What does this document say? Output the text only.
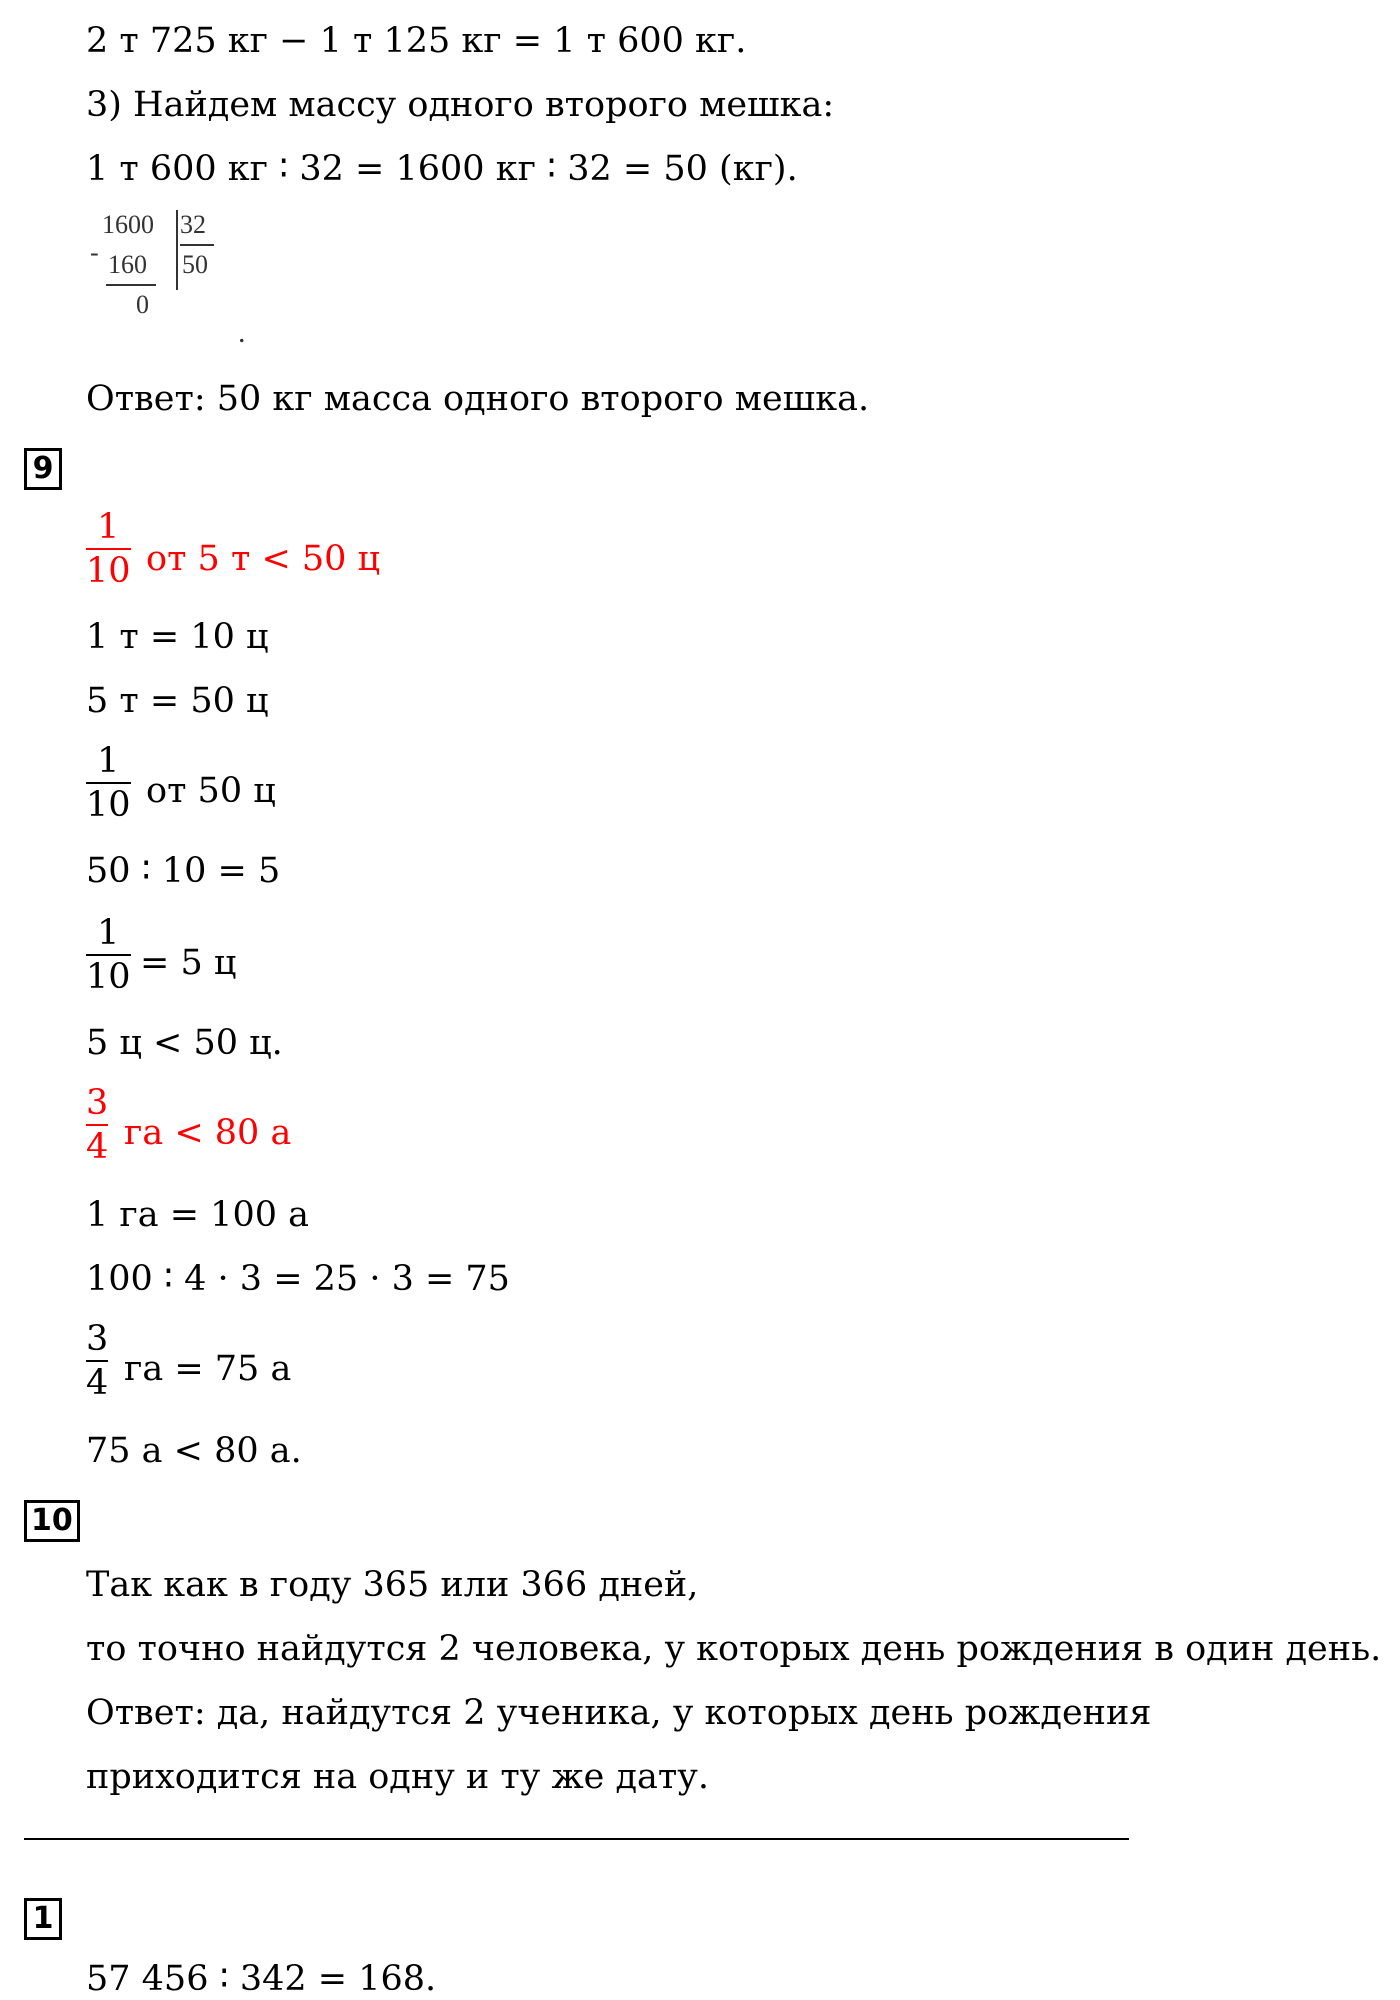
2 т 725 кг − 1 т 125 кг = 1 т 600 кг.
3) Найдем массу одного второго мешка:
1 т 600 кг ∶ 32 = 1600 кг ∶ 32 = 50 (кг).
-
1600 32
50
160
0
.
Ответ: 50 кг масса одного второго мешка.
9
1
10 от 5 т < 50 ц
1 т = 10 ц
5 т = 50 ц
1
10 от 50 ц
50 ∶ 10 = 5
1
10 = 5 ц
5 ц < 50 ц.
3
4 га < 80 а
1 га = 100 а
100 ∶ 4 · 3 = 25 · 3 = 75
3
4 га = 75 а
75 а < 80 а.
10
Так как в году 365 или 366 дней,
то точно найдутся 2 человека, у которых день рождения в один день.
Ответ: да, найдутся 2 ученика, у которых день рождения
приходится на одну и ту же дату.
1
57 456 ∶ 342 = 168.
